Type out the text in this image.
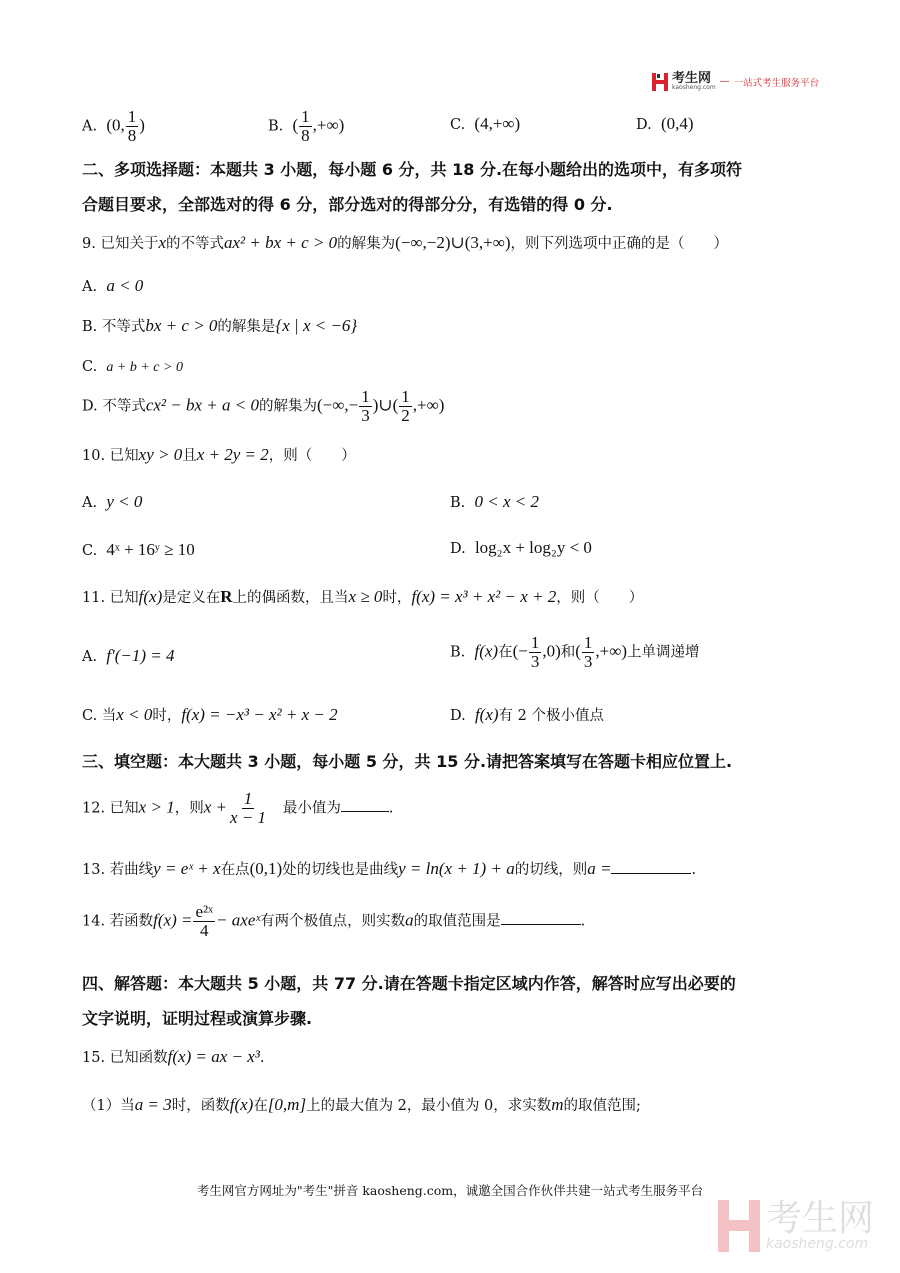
考生网
kaosheng.com
— 一站式考生服务平台
A. (0, $\frac{1}{8}$ )	B. ( $\frac{1}{8}$ ,+∞)	C. (4,+∞)	D. (0,4)
二、多项选择题：本题共 3 小题，每小题 6 分，共 18 分.在每小题给出的选项中，有多项符
合题目要求，全部选对的得 6 分，部分选对的得部分分，有选错的得 0 分.
9. 已知关于x的不等式ax² + bx + c > 0的解集为(−∞,−2)∪(3,+∞)，则下列选项中正确的是（　　）
A. a < 0
B. 不等式bx + c > 0的解集是{x | x < −6}
C. a + b + c > 0
D. 不等式cx² − bx + a < 0的解集为(−∞,− $\frac{1}{3}$ )∪( $\frac{1}{2}$ ,+∞)
10. 已知xy > 0且x + 2y = 2，则（　　）
A. y < 0	B. 0 < x < 2
C. 4ˣ + 16ʸ ≥ 10	D. log₂x + log₂y < 0
11. 已知f(x)是定义在R上的偶函数，且当x ≥ 0时，f(x) = x³ + x² − x + 2，则（　　）
A. f′(−1) = 4	B. f(x)在(− $\frac{1}{3} ,0$)和( $\frac{1}{3}$ ,+∞)上单调递增
C. 当x < 0时，f(x) = −x³ − x² + x − 2	D. f(x)有 2 个极小值点
三、填空题：本大题共 3 小题，每小题 5 分，共 15 分.请把答案填写在答题卡相应位置上.
12. 已知x > 1，则$x + \frac{1}{x - 1}$ 最小值为	.
13. 若曲线y = eˣ + x在点(0,1)处的切线也是曲线y = ln(x + 1) + a的切线，则a =	.
14. 若函数$f(x) = \frac{\text{e²ˣ}}{4}$ − axeˣ有两个极值点，则实数a的取值范围是	.
四、解答题：本大题共 5 小题，共 77 分.请在答题卡指定区域内作答，解答时应写出必要的
文字说明，证明过程或演算步骤.
15. 已知函数f(x) = ax − x³.
（1）当a = 3时，函数f(x)在[0,m]上的最大值为 2，最小值为 0，求实数m的取值范围;
考生网官方网址为"考生"拼音 kaosheng.com，诚邀全国合作伙伴共建一站式考生服务平台
考生网
kaosheng.com
